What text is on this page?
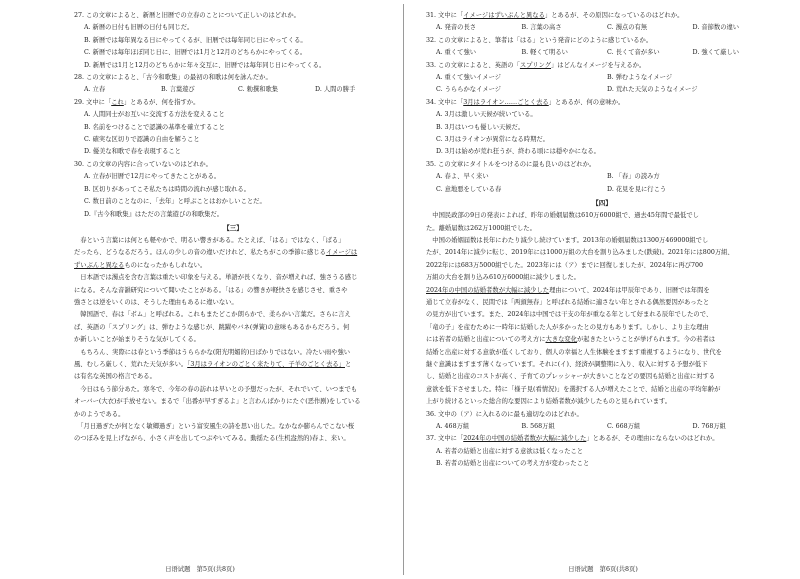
27. この文章によると、新暦と旧暦での立春のことについて正しいのはどれか。
A. 新暦の日付も旧暦の日付も同じだ。
B. 新暦では毎年異なる日にやってくるが、旧暦では毎年同じ日にやってくる。
C. 新暦では毎年ほぼ同じ日に、旧暦では1月と12月のどちらかにやってくる。
D. 新暦では1月と12月のどちらかに年々交互に、旧暦では毎年同じ日にやってくる。
28. この文章によると、「古今和歌集」の最初の和歌は何を詠んだか。
A. 立春	B. 言葉遊び	C. 勅撰和歌集	D. 人間の勝手
29. 文中に「これ」とあるが、何を指すか。
A. 人間同士がお互いに交流する方法を変えること
B. 名前をつけることで認識の基準を確立すること
C. 確実な区切りで認識の自由を解うこと
D. 優美な和歌で春を表現すること
30. この文章の内容に合っていないのはどれか。
A. 立春が旧暦で12月にやってきたことがある。
B. 区切りがあってこそ私たちは時間の流れが感じ取れる。
C. 数日前のことなのに、「去年」と呼ぶことはおかしいことだ。
D.『古今和歌集』はただの言葉遊びの和歌集だ。
【三】
　春という言葉には何とも軽やかで、明るい響きがある。たとえば、「はる」ではなく、「ばる」
だったら、どうなるだろう。ほんの少しの音の違いだけれど、私たちがこの季節に感じるイメージは
ずいぶんと異なるものになったかもしれない。
　日本語では濁点を含む言葉は重たい印象を与える。単語が長くなり、音が増えれば、強さうる感じ
になる。そんな音韻研究について聞いたことがある。「はる」の響きが軽快さを感じさせ、重さや
強さとは逆をいくのは、そうした理由もあるに違いない。
　韓国語で、春は「ボム」と呼ばれる。これもまたどこか朗らかで、柔らかい言葉だ。さらに言え
ば、英語の「スプリング」は、弾むような感じが、跳躍やバネ(弹簧)の意味もあるからだろう。何
か新しいことが始まりそうな気がしてくる。
　もちろん、実際には春という季節はうららかな(阳光明媚的)日ばかりではない。冷たい雨や強い
風、むしろ厳しく、荒れた天気が多い。「3月はライオンのごとく来たりて、子羊のごとく去る」と
は有名な英国の格言である。
　今日はもう節分あた。寒冬で、今年の春の訪れは早いとの予想だったが、それでいて、いつまでも
オーバー(大衣)が手放せない。まるで「出番が早すぎるよ」と言わんばかりにたぐ(恶作剧)をしている
かのようである。
　「月日過ぎたが何となく敏卿過ぎ」という富安風生の詩を思い出した。なかなか膨らんでこない桜
のつぼみを見上げながら、小さく声を出してつぶやいてみる。動揺たる(生机盎然的)春よ、来い。
日语试题　第5页(共8页)
31. 文中に「イメージはずいぶんと異なる」とあるが、その原因になっているのはどれか。
A. 発音の長さ	B. 言葉の高さ	C. 濁点の有無	D. 音節数の違い
32. この文章によると、筆者は「はる」という発音にどのように感じているか。
A. 重くて強い	B. 軽くて明るい	C. 長くて音が多い	D. 強くて厳しい
33. この文章によると、英語の「スプリング」はどんなイメージを与えるか。
A. 重くて強いイメージ	B. 弾むようなイメージ
C. うららかなイメージ	D. 荒れた天気のようなイメージ
34. 文中に「3月はライオン……ごとく去る」とあるが、何の意味か。
A. 3月は激しい天候が続いている。
B. 3月はいつも優しい天候だ。
C. 3月はライオンが異常になる時期だ。
D. 3月は始めが荒れ狂うが、終わる頃には穏やかになる。
35. この文章にタイトルをつけるのに最も良いのはどれか。
A. 春よ、早く来い	B. 「春」の読み方
C. 意地悪をしている春	D. 花見を見に行こう
【四】
　中国民政部の9日の発表によれば、昨年の婚姻届数は610万6000組で、過去45年間で最低でし
た。離婚届数は262万1000組でした。
　中国の婚姻届数は長年にわたり減少し続けています。2013年の婚姻届数は1300万469000組でし
たが、2014年に減少に転じ、2019年には1000万組の大台を割り込みました(跌破)。2021年には800万組、
2022年には683万5000組でした。2023年には（ア）までに回復しましたが、2024年に再び700
万組の大台を割り込み610万6000組に減少しました。
2024年の中国の結婚者数が大幅に減少した理由について、2024年は甲辰年であり、旧暦では年間を
通じて立春がなく、民間では「两頭無春」と呼ばれる結婚に適さない年とされる偶然要因があったと
の見方が出ています。また、2024年は中国では干支の年が重なる年として好まれる辰年でしたので、
「竜の子」を産むために一時年に結婚した人が多かったとの見方もあります。しかし、より主な理由
には若者の結婚と出産についての考え方に大きな変化が起きたということが挙げられます。今の若者は
結婚と出産に対する意欲が低くしており、個人の幸福と人生体験をますます重視するようになり、世代を
継ぐ意識はますます薄くなっています。それに(イ)、経済が調整期に入り、収入に対する予想が低下
し、結婚と出産のコストが高く、子育てのプレッシャーが大きいことなどの要因も結婚と出産に対する
意欲を低下させました。特に「様子見(看情況)」を選択する人が増えたことで、結婚と出産の平均年齢が
上がり続けるといった総合的な要因により結婚者数が減少したものと見られています。
36. 文中の（ア）に入れるのに最も適切なのはどれか。
A. 468万組	B. 568万組	C. 668万組	D. 768万組
37. 文中に「2024年の中国の結婚者数が大幅に減少した」とあるが、その理由にならないのはどれか。
A. 若者の結婚と出産に対する意欲は低くなったこと
B. 若者の結婚と出産についての考え方が変わったこと
日语试题　第6页(共8页)
